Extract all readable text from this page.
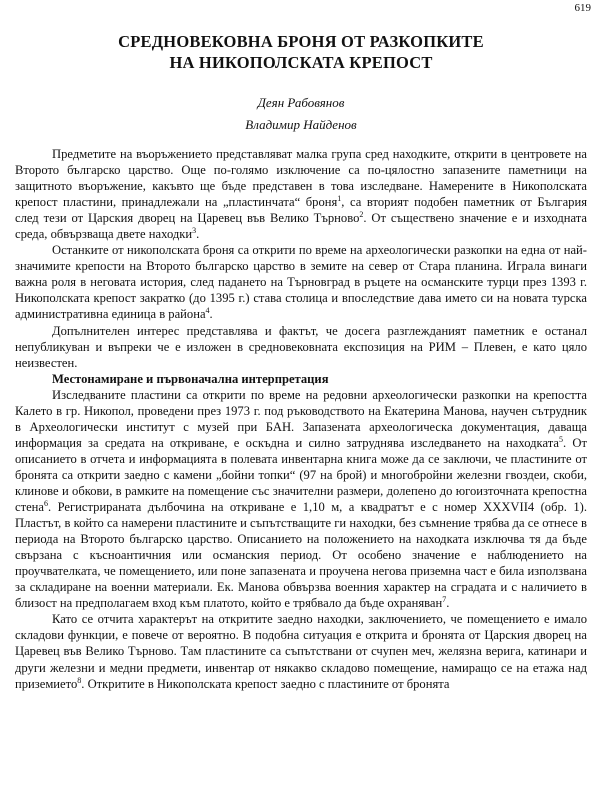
619
СРЕДНОВЕКОВНА БРОНЯ ОТ РАЗКОПКИТЕ
НА НИКОПОЛСКАТА КРЕПОСТ
Деян Рабовянов
Владимир Найденов

Предметите на въоръжението представляват малка група сред находките, открити в центровете на Второто българско царство. Още по-голямо изключение са по-цялостно запазените паметници на защитното въоръжение, какъвто ще бъде представен в това изследване. Намерените в Никополската крепост пластини, принадлежали на „пластинчата“ броня$^1$, са вторият подобен паметник от България след тези от Царския дворец на Царевец във Велико Търново$^2$. От съществено значение е и изходната среда, обвързваща двете находки$^3$.

Останките от никополската броня са открити по време на археологически разкопки на една от най-значимите крепости на Второто българско царство в земите на север от Стара планина. Играла винаги важна роля в неговата история, след падането на Търновград в ръцете на османските турци през 1393 г. Никополската крепост закратко (до 1395 г.) става столица и впоследствие дава името си на новата турска административна единица в района$^4$.

Допълнителен интерес представлява и фактът, че досега разглежданият паметник е останал непубликуван и въпреки че е изложен в средновековната експозиция на РИМ – Плевен, е като цяло неизвестен.

Местонамиране и първоначална интерпретация

Изследваните пластини са открити по време на редовни археологически разкопки на крепостта Калето в гр. Никопол, проведени през 1973 г. под ръководството на Екатерина Манова, научен сътрудник в Археологически институт с музей при БАН. Запазената археологическа документация, даваща информация за средата на откриване, е оскъдна и силно затруднява изследването на находката$^5$. От описанието в отчета и информацията в полевата инвентарна книга може да се заключи, че пластините от бронята са открити заедно с камени „бойни топки“ (97 на брой) и многобройни железни гвоздеи, скоби, клинове и обкови, в рамките на помещение със значителни размери, долепено до югоизточната крепостна стена$^6$. Регистрираната дълбочина на откриване е 1,10 м, а квадратът е с номер XXXVII4 (обр. 1). Пластът, в който са намерени пластините и съпътстващите ги находки, без съмнение трябва да се отнесе в периода на Второто българско царство. Описанието на положението на находката изключва тя да бъде свързана с късноантичния или османския период. От особено значение е наблюдението на проучвателката, че помещението, или поне запазената и проучена негова приземна част е била използвана за складиране на военни материали. Ек. Манова обвързва военния характер на сградата и с наличието в близост на предполагаем вход към платото, който е трябвало да бъде охраняван$^7$.

Като се отчита характерът на откритите заедно находки, заключението, че помещението е имало складови функции, е повече от вероятно. В подобна ситуация е открита и бронята от Царския дворец на Царевец във Велико Търново. Там пластините са съпътствани от счупен меч, желязна верига, катинари и други железни и медни предмети, инвентар от някакво складово помещение, намиращо се на етажа над приземието$^8$. Откритите в Никополската крепост заедно с пластините от бронята
